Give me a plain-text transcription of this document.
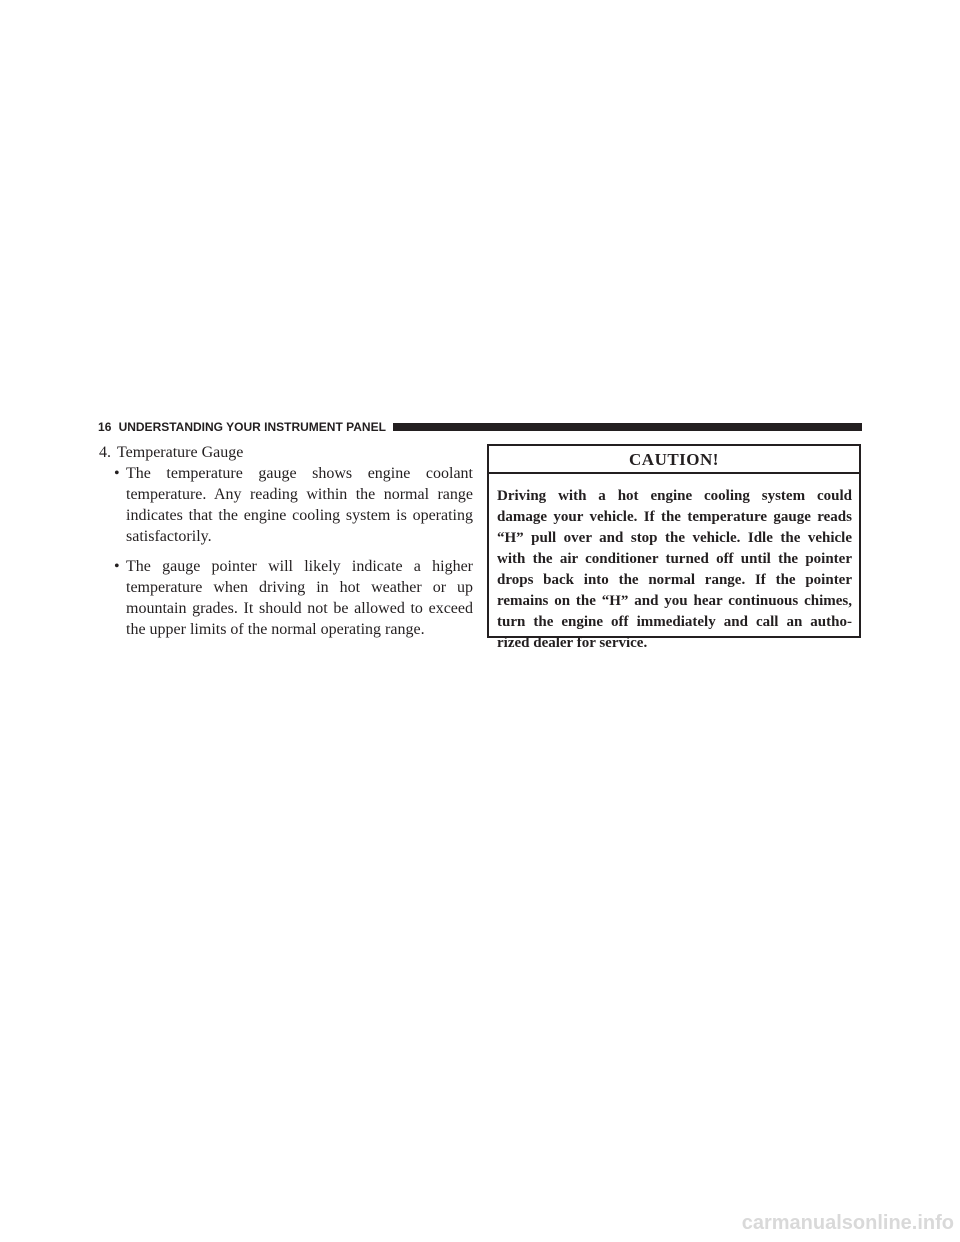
16 UNDERSTANDING YOUR INSTRUMENT PANEL
4. Temperature Gauge
• The temperature gauge shows engine coolant temperature. Any reading within the normal range indicates that the engine cooling system is operating satisfactorily.
• The gauge pointer will likely indicate a higher temperature when driving in hot weather or up mountain grades. It should not be allowed to exceed the upper limits of the normal operating range.
CAUTION!
Driving with a hot engine cooling system could
damage your vehicle. If the temperature gauge reads
“H” pull over and stop the vehicle. Idle the vehicle
with the air conditioner turned off until the pointer
drops back into the normal range. If the pointer
remains on the “H” and you hear continuous chimes,
turn the engine off immediately and call an autho-
rized dealer for service.
carmanualsonline.info
